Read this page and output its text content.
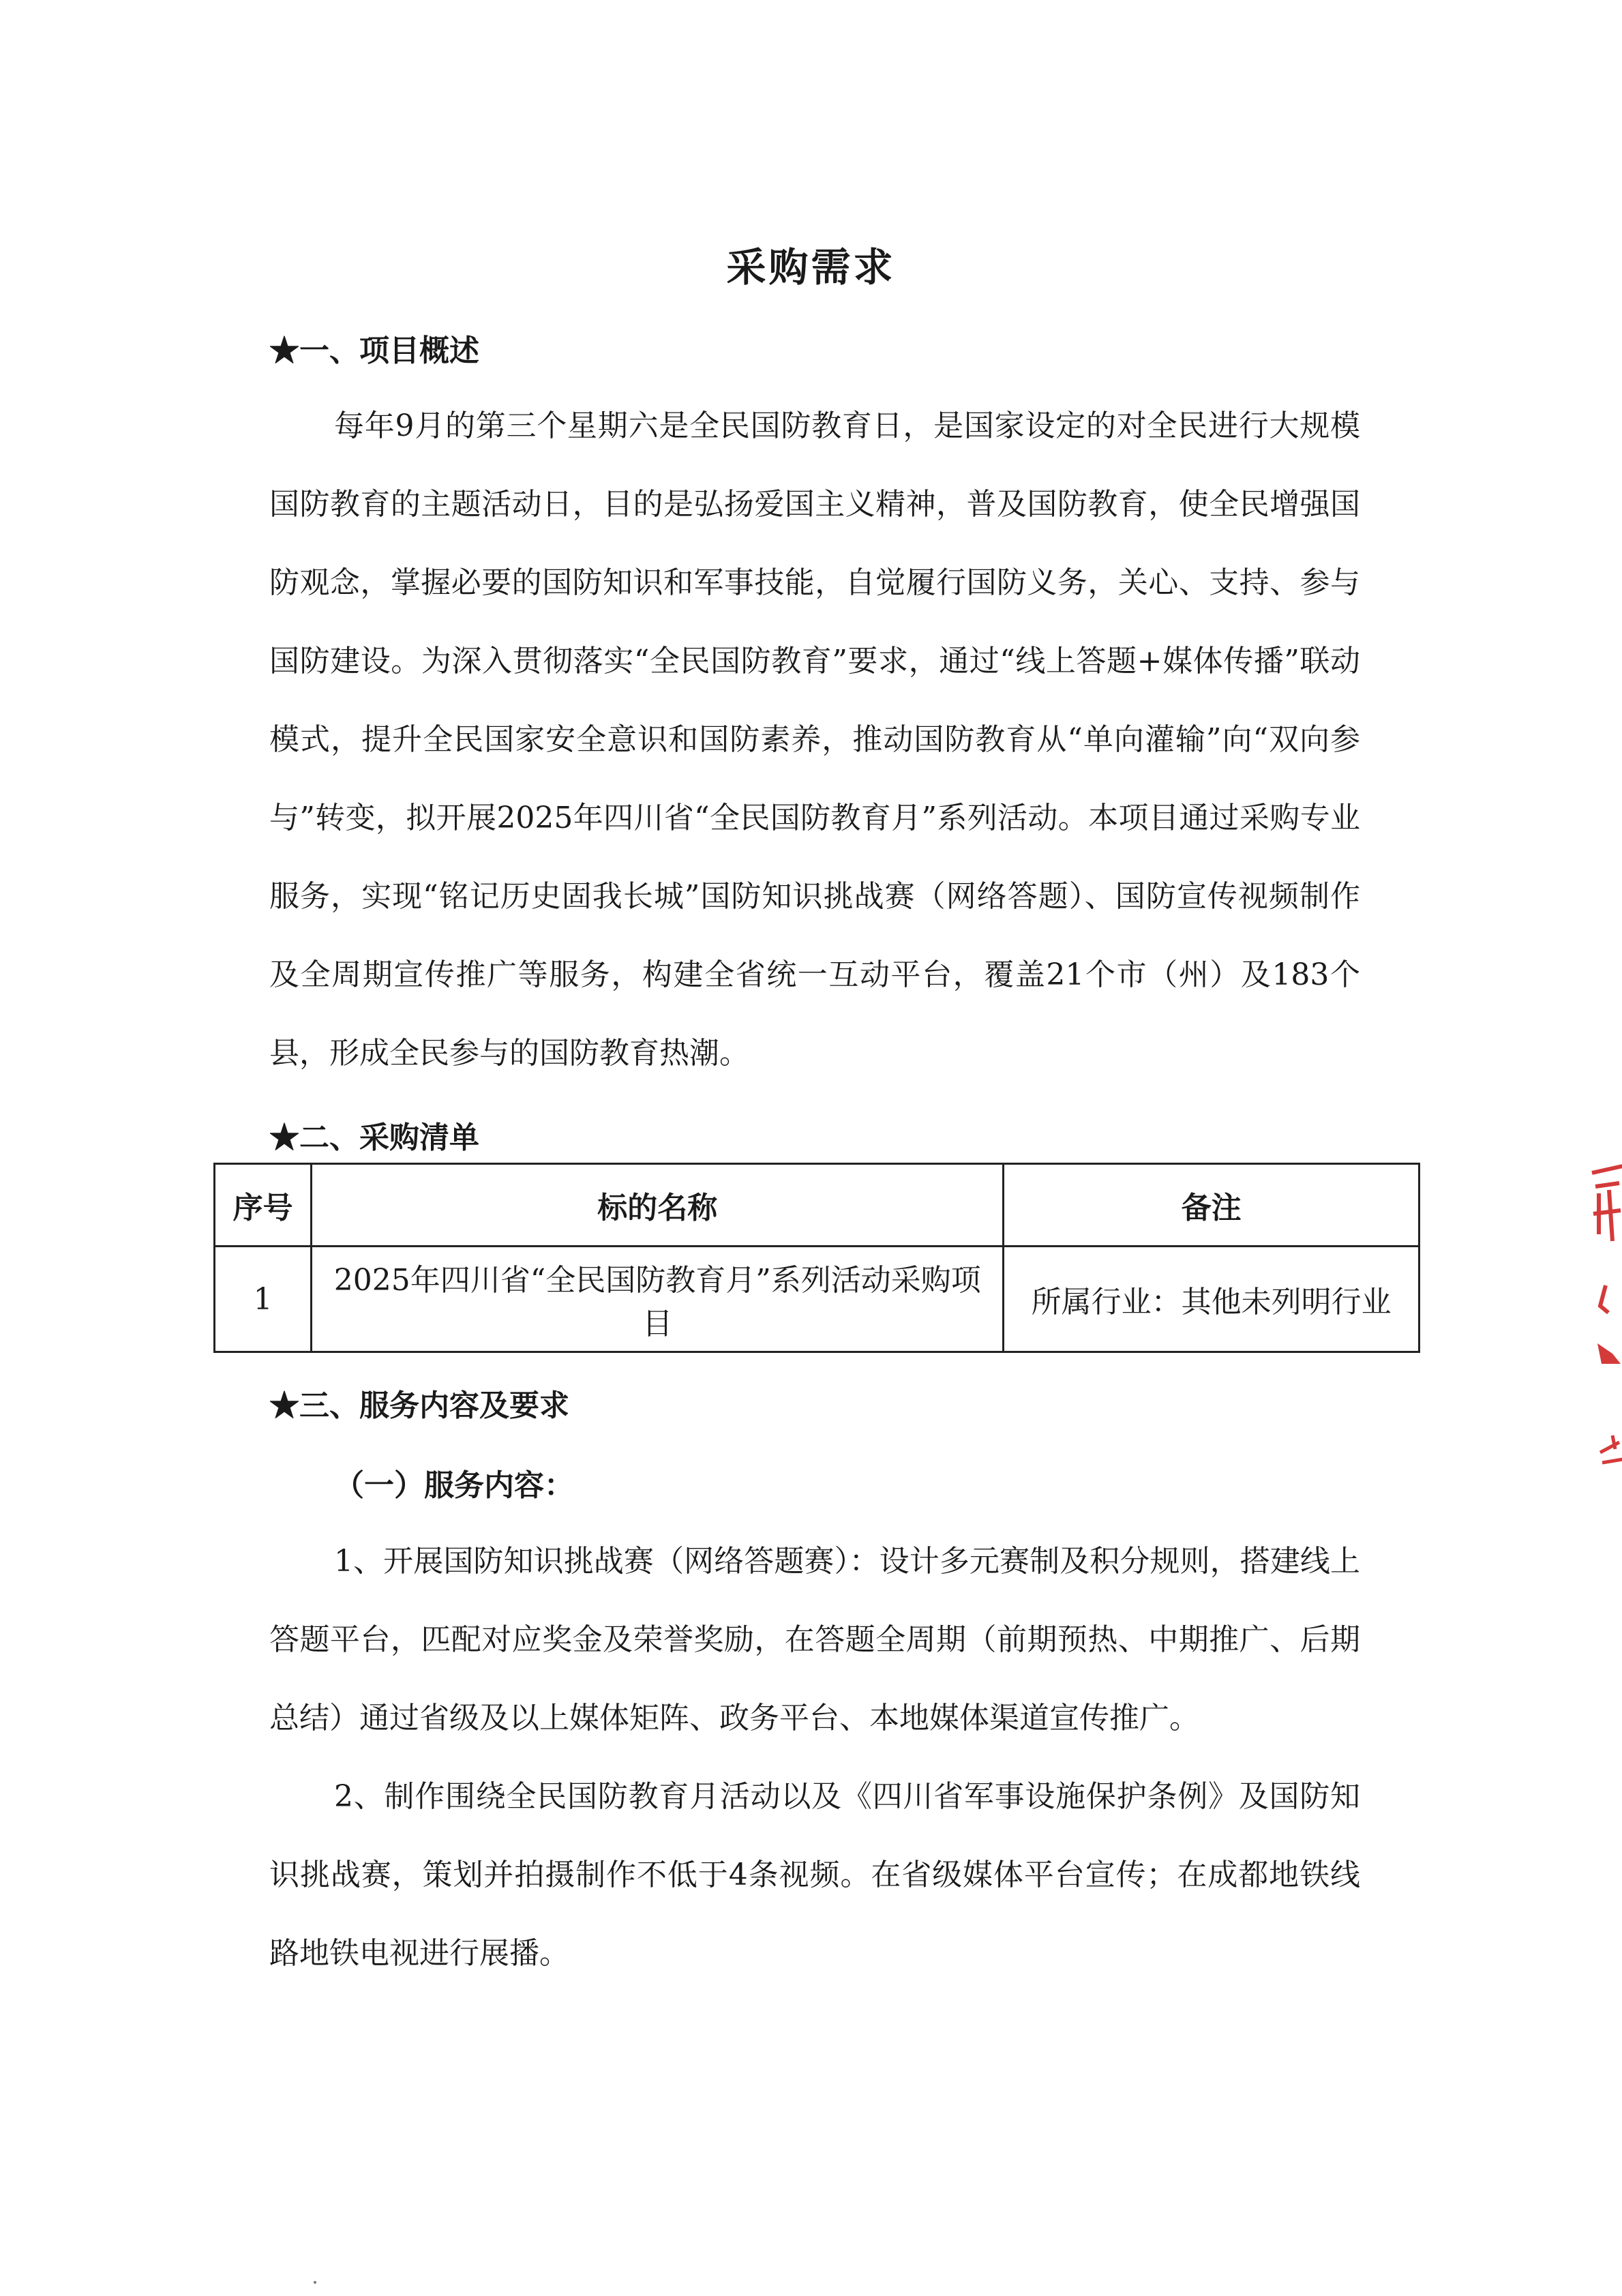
采购需求
★一、项目概述
每年9月的第三个星期六是全民国防教育日，是国家设定的对全民进行大规模国防教育的主题活动日，目的是弘扬爱国主义精神，普及国防教育，使全民增强国防观念，掌握必要的国防知识和军事技能，自觉履行国防义务，关心、支持、参与国防建设。为深入贯彻落实“全民国防教育”要求，通过“线上答题+媒体传播”联动模式，提升全民国家安全意识和国防素养，推动国防教育从“单向灌输”向“双向参与”转变，拟开展2025年四川省“全民国防教育月”系列活动。本项目通过采购专业服务，实现“铭记历史固我长城”国防知识挑战赛（网络答题）、国防宣传视频制作及全周期宣传推广等服务，构建全省统一互动平台，覆盖21个市（州）及183个县，形成全民参与的国防教育热潮。
★二、采购清单
序号	标的名称	备注
1	2025年四川省“全民国防教育月”系列活动采购项目	所属行业：其他未列明行业
★三、服务内容及要求
（一）服务内容：
1、开展国防知识挑战赛（网络答题赛）：设计多元赛制及积分规则，搭建线上答题平台，匹配对应奖金及荣誉奖励，在答题全周期（前期预热、中期推广、后期总结）通过省级及以上媒体矩阵、政务平台、本地媒体渠道宣传推广。
2、制作围绕全民国防教育月活动以及《四川省军事设施保护条例》及国防知识挑战赛，策划并拍摄制作不低于4条视频。在省级媒体平台宣传；在成都地铁线路地铁电视进行展播。
